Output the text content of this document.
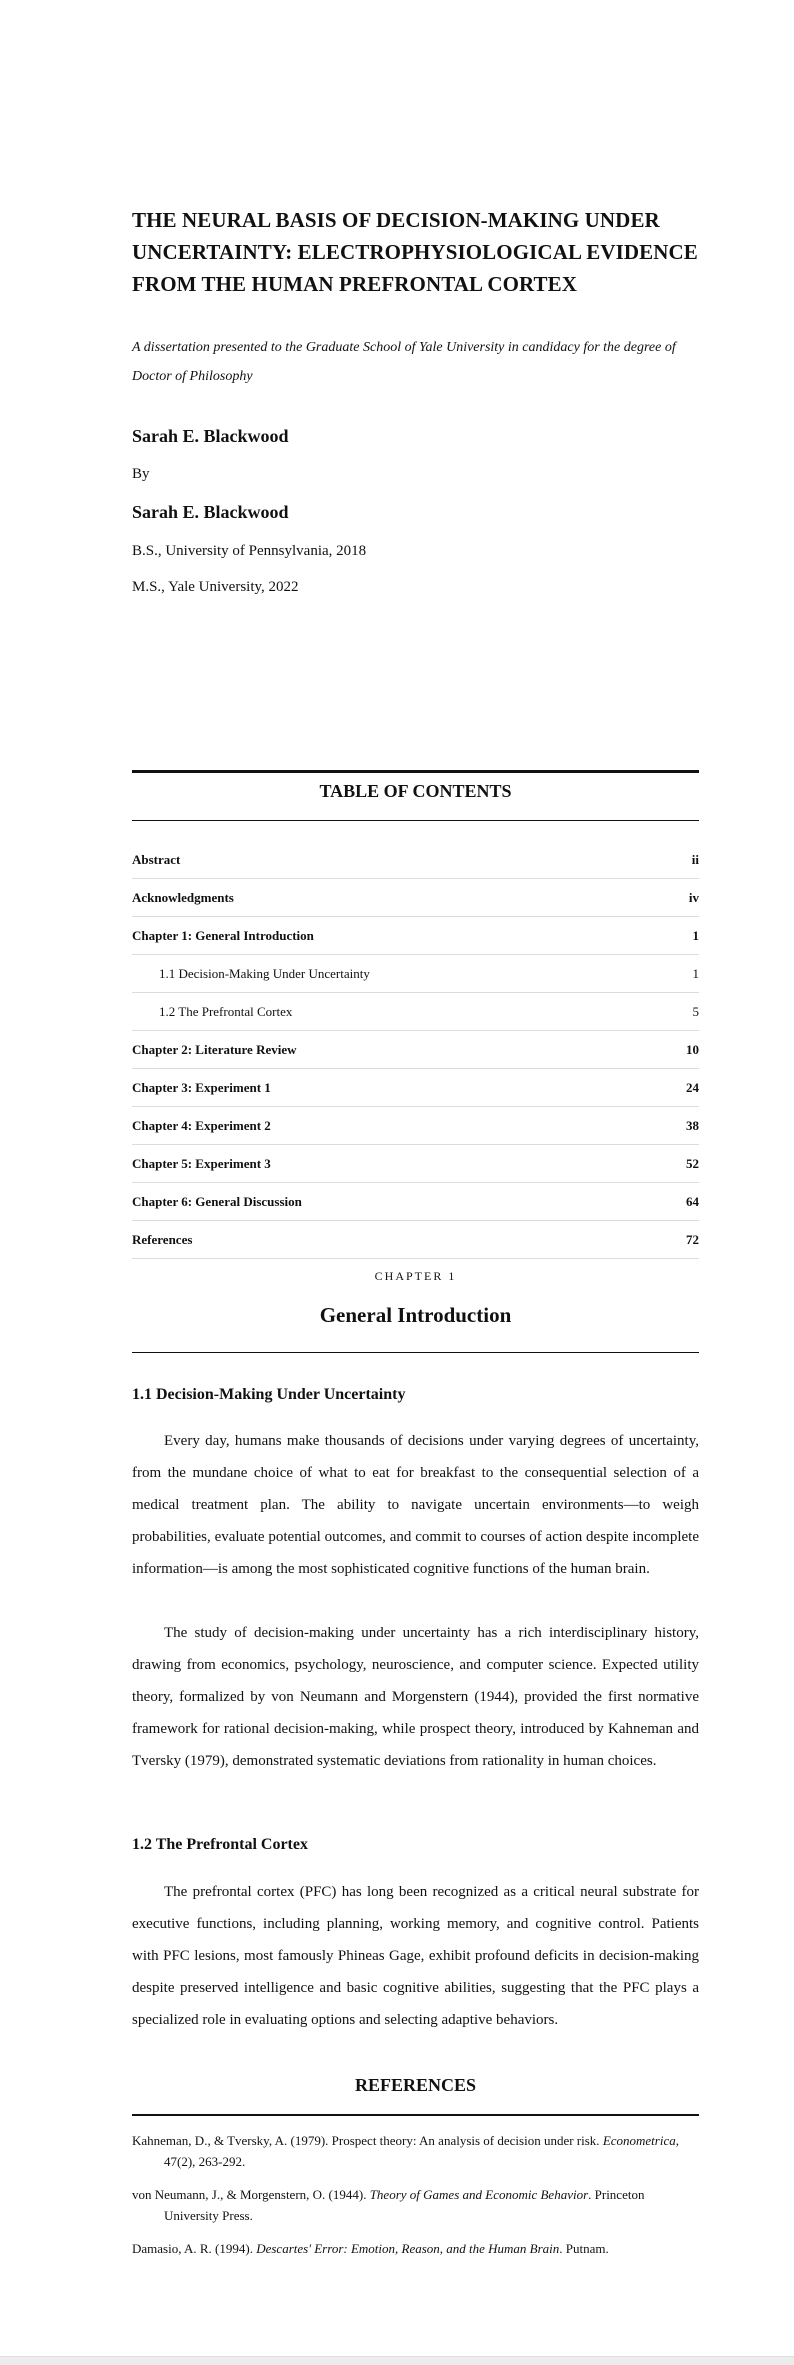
THE NEURAL BASIS OF DECISION-MAKING UNDER UNCERTAINTY: ELECTROPHYSIOLOGICAL EVIDENCE FROM THE HUMAN PREFRONTAL CORTEX

A dissertation presented to the Graduate School of Yale University in candidacy for the degree of Doctor of Philosophy

Sarah E. Blackwood

By

Sarah E. Blackwood

B.S., University of Pennsylvania, 2018

M.S., Yale University, 2022

TABLE OF CONTENTS
Abstract	ii
Acknowledgments	iv
Chapter 1: General Introduction	1
1.1 Decision-Making Under Uncertainty	1
1.2 The Prefrontal Cortex	5
Chapter 2: Literature Review	10
Chapter 3: Experiment 1	24
Chapter 4: Experiment 2	38
Chapter 5: Experiment 3	52
Chapter 6: General Discussion	64
References	72

CHAPTER 1

General Introduction
1.1 Decision-Making Under Uncertainty

Every day, humans make thousands of decisions under varying degrees of uncertainty, from the mundane choice of what to eat for breakfast to the consequential selection of a medical treatment plan. The ability to navigate uncertain environments—to weigh probabilities, evaluate potential outcomes, and commit to courses of action despite incomplete information—is among the most sophisticated cognitive functions of the human brain.

The study of decision-making under uncertainty has a rich interdisciplinary history, drawing from economics, psychology, neuroscience, and computer science. Expected utility theory, formalized by von Neumann and Morgenstern (1944), provided the first normative framework for rational decision-making, while prospect theory, introduced by Kahneman and Tversky (1979), demonstrated systematic deviations from rationality in human choices.

1.2 The Prefrontal Cortex

The prefrontal cortex (PFC) has long been recognized as a critical neural substrate for executive functions, including planning, working memory, and cognitive control. Patients with PFC lesions, most famously Phineas Gage, exhibit profound deficits in decision-making despite preserved intelligence and basic cognitive abilities, suggesting that the PFC plays a specialized role in evaluating options and selecting adaptive behaviors.

REFERENCES
Kahneman, D., & Tversky, A. (1979). Prospect theory: An analysis of decision under risk. Econometrica, 47(2), 263-292.
von Neumann, J., & Morgenstern, O. (1944). Theory of Games and Economic Behavior. Princeton University Press.
Damasio, A. R. (1994). Descartes' Error: Emotion, Reason, and the Human Brain. Putnam.
